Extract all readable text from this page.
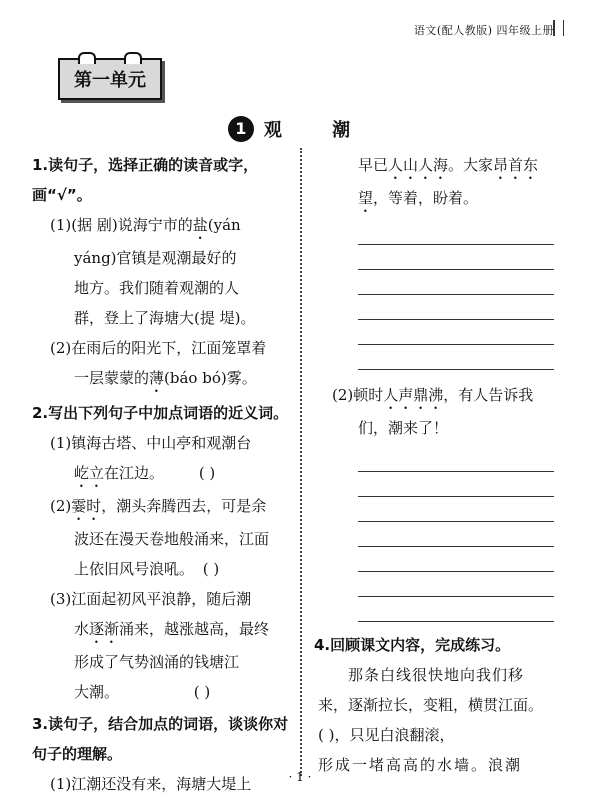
语文(配人教版) 四年级上册
第一单元
1 观 潮
1.读句子，选择正确的读音或字，画“√”。
(1)(据 剧)说海宁市的盐(yán
yáng)官镇是观潮最好的
地方。我们随着观潮的人
群，登上了海塘大(提 堤)。
(2)在雨后的阳光下，江面笼罩着
一层蒙蒙的薄(báo bó)雾。
2.写出下列句子中加点词语的近义词。
(1)镇海古塔、中山亭和观潮台
屹立在江边。 ( )
(2)霎时，潮头奔腾西去，可是余
波还在漫天卷地般涌来，江面
上依旧风号浪吼。 ( )
(3)江面起初风平浪静，随后潮
水逐渐涌来，越涨越高，最终
形成了气势汹涌的钱塘江
大潮。	( )
3.读句子，结合加点的词语，谈谈你对句子的理解。
(1)江潮还没有来，海塘大堤上
早已人山人海。大家昂首东
望，等着，盼着。
(2)顿时人声鼎沸，有人告诉我
们，潮来了！
4.回顾课文内容，完成练习。
那条白线很快地向我们移
来，逐渐拉长，变粗，横贯江面。
( )，只见白浪翻滚，
形成一堵高高的水墙。浪潮
· 1 ·
